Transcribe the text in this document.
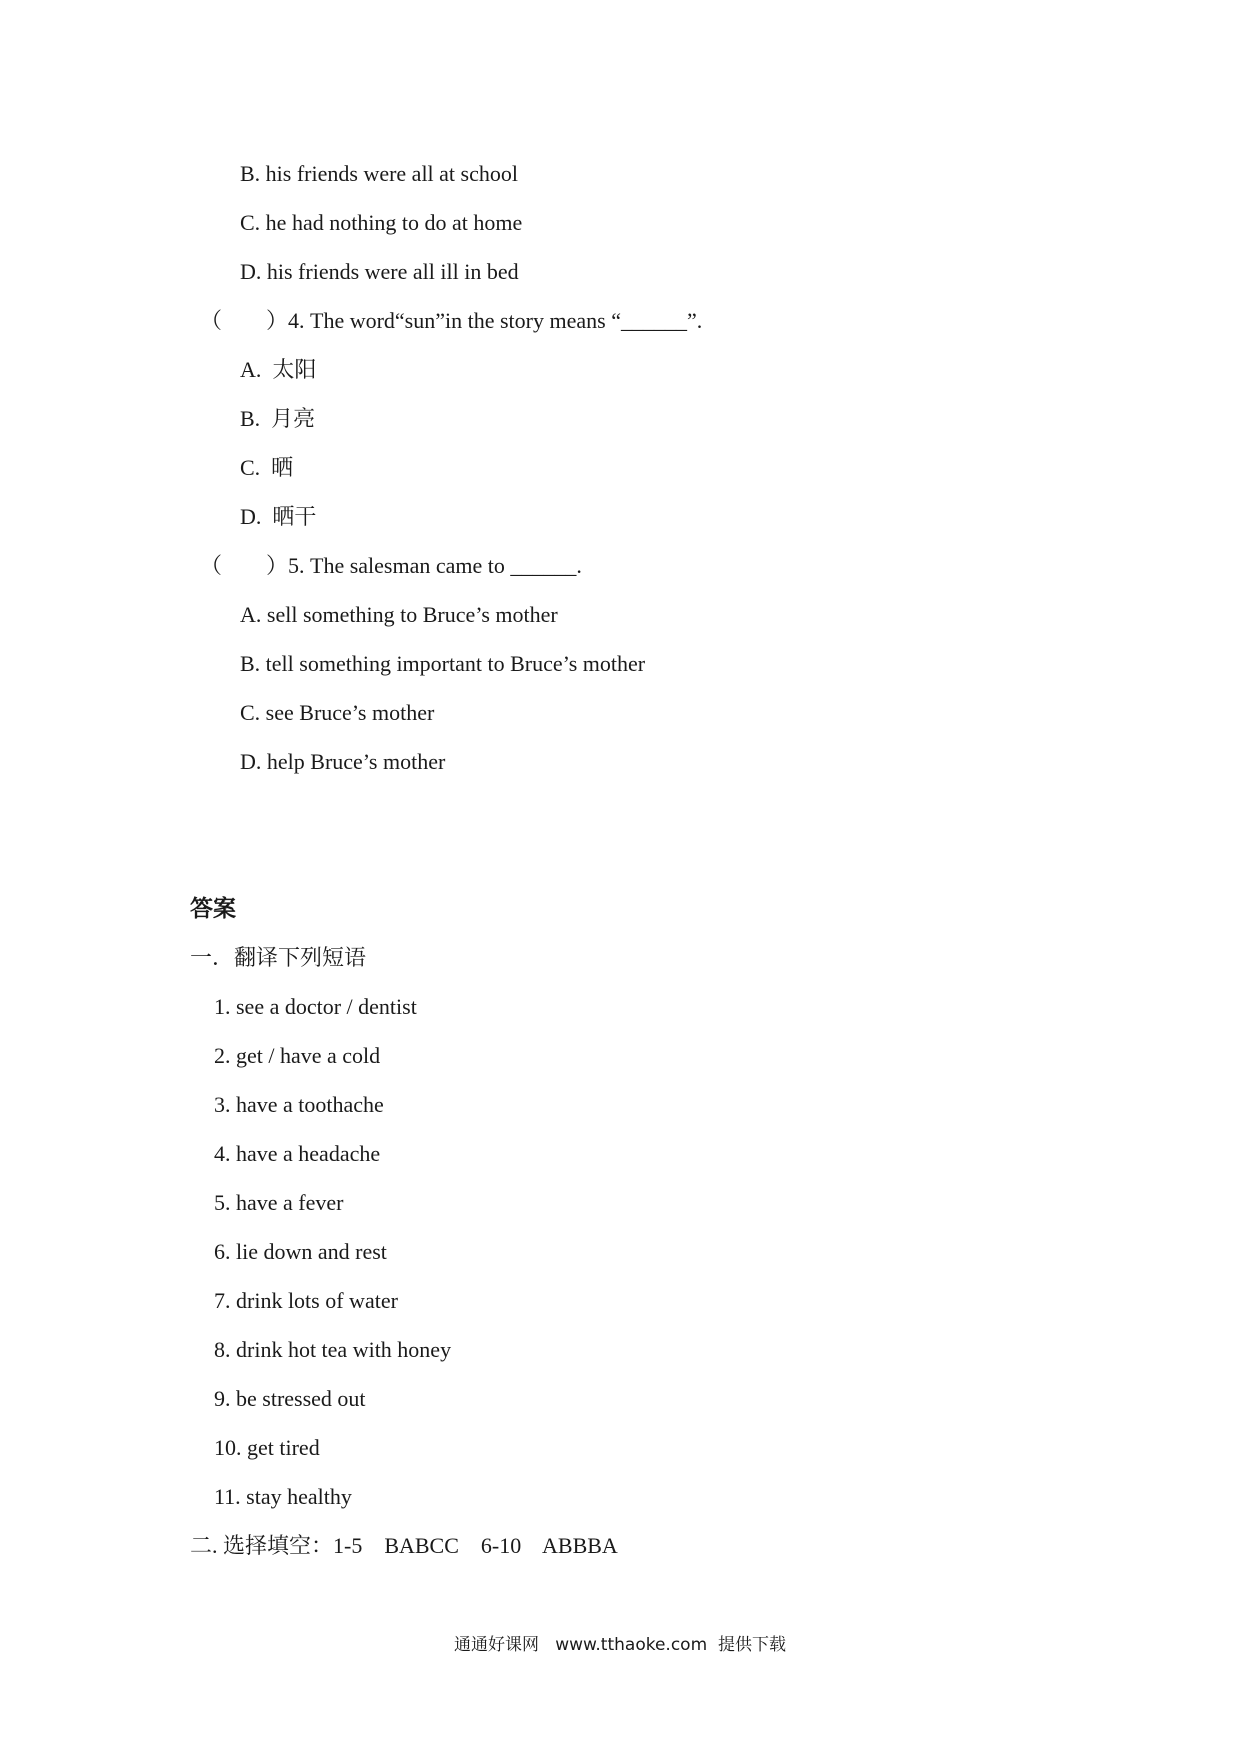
B. his friends were all at school
C. he had nothing to do at home
D. his friends were all ill in bed
（        ）4. The word“sun”in the story means “______”.
A.  太阳
B.  月亮
C.  晒
D.  晒干
（        ）5. The salesman came to ______.
A. sell something to Bruce’s mother
B. tell something important to Bruce’s mother
C. see Bruce’s mother
D. help Bruce’s mother
答案
一．翻译下列短语
1. see a doctor / dentist
2. get / have a cold
3. have a toothache
4. have a headache
5. have a fever
6. lie down and rest
7. drink lots of water
8. drink hot tea with honey
9. be stressed out
10. get tired
11. stay healthy
二. 选择填空：1-5    BABCC    6-10    ABBBA
通通好课网   www.tthaoke.com  提供下载
